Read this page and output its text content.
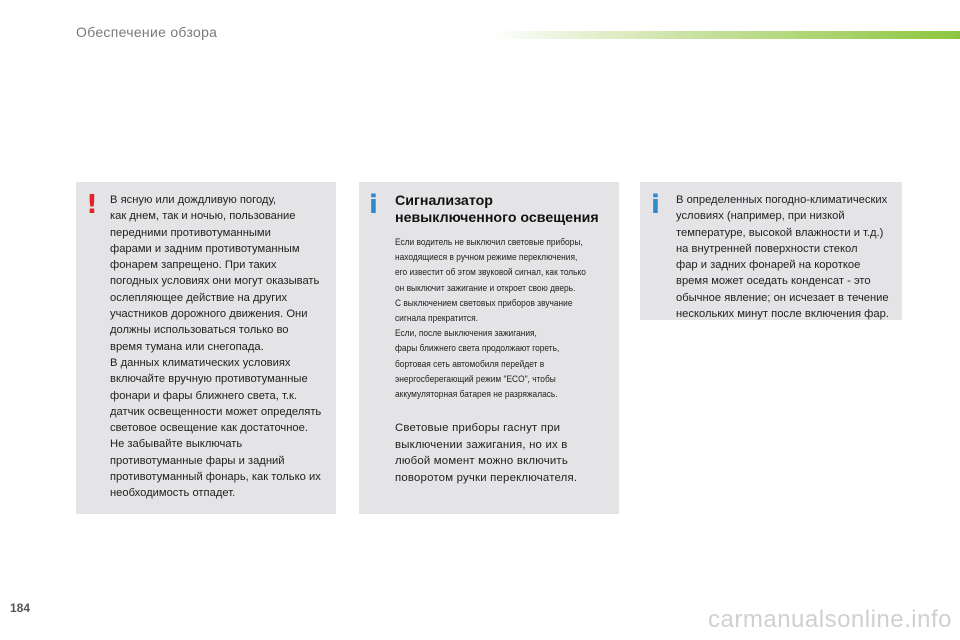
Обеспечение обзора
! В ясную или дождливую погоду,

как днем, так и ночью, пользование

передними противотуманными

фарами и задним противотуманным

фонарем запрещено. При таких

погодных условиях они могут оказывать

ослепляющее действие на других

участников дорожного движения. Они

должны использоваться только во

время тумана или снегопада.

В данных климатических условиях

включайте вручную противотуманные

фонари и фары ближнего света, т.к.

датчик освещенности может определять

световое освещение как достаточное.

Не забывайте выключать

противотуманные фары и задний

противотуманный фонарь, как только их

необходимость отпадет.

i Сигнализатор

невыключенного освещения

Если водитель не выключил световые приборы,

находящиеся в ручном режиме переключения,

его известит об этом звуковой сигнал, как только

он выключит зажигание и откроет свою дверь.

С выключением световых приборов звучание

сигнала прекратится.

Если, после выключения зажигания,

фары ближнего света продолжают гореть,

бортовая сеть автомобиля перейдет в

энергосберегающий режим "ECO", чтобы

аккумуляторная батарея не разряжалась.

Световые приборы гаснут при

выключении зажигания, но их в

любой момент можно включить

поворотом ручки переключателя.

i В определенных погодно-климатических

условиях (например, при низкой

температуре, высокой влажности и т.д.)

на внутренней поверхности стекол

фар и задних фонарей на короткое

время может оседать конденсат - это

обычное явление; он исчезает в течение

нескольких минут после включения фар.

184	carmanualsonline.info
